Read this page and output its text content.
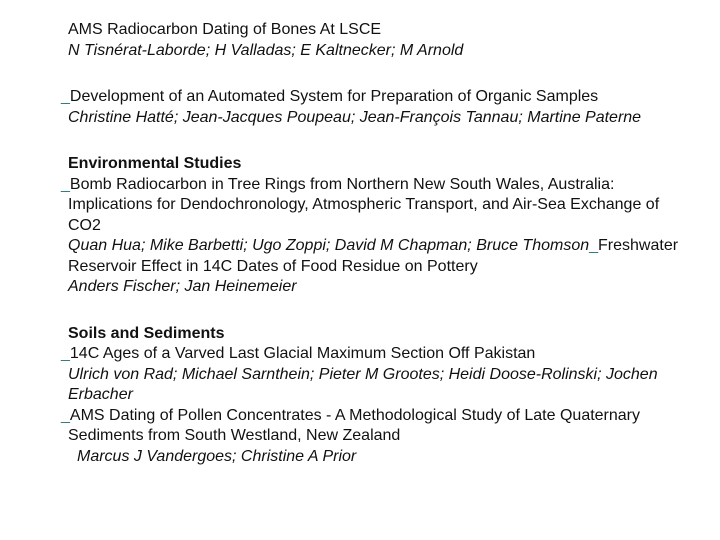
AMS Radiocarbon Dating of Bones At LSCE
N Tisnérat-Laborde; H Valladas; E Kaltnecker; M Arnold
_Development of an Automated System for Preparation of Organic Samples
Christine Hatté; Jean-Jacques Poupeau; Jean-François Tannau; Martine Paterne
Environmental Studies
_Bomb Radiocarbon in Tree Rings from Northern New South Wales, Australia:
Implications for Dendochronology, Atmospheric Transport, and Air-Sea Exchange of
CO2
Quan Hua; Mike Barbetti; Ugo Zoppi; David M Chapman; Bruce Thomson_Freshwater
Reservoir Effect in 14C Dates of Food Residue on Pottery
Anders Fischer; Jan Heinemeier
Soils and Sediments
_14C Ages of a Varved Last Glacial Maximum Section Off Pakistan
Ulrich von Rad; Michael Sarnthein; Pieter M Grootes; Heidi Doose-Rolinski; Jochen
Erbacher
_AMS Dating of Pollen Concentrates - A Methodological Study of Late Quaternary
Sediments from South Westland, New Zealand
Marcus J Vandergoes; Christine A Prior
